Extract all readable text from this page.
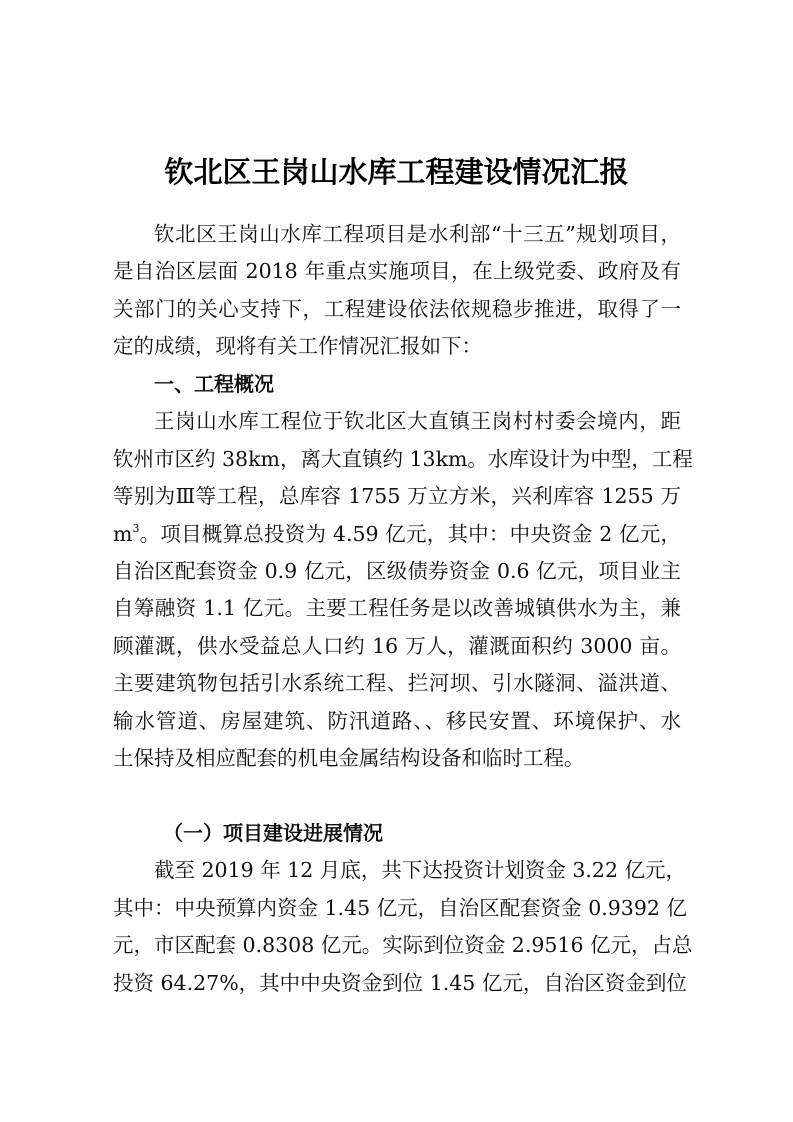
钦北区王岗山水库工程建设情况汇报
钦北区王岗山水库工程项目是水利部“十三五”规划项目，
是自治区层面 2018 年重点实施项目，在上级党委、政府及有
关部门的关心支持下，工程建设依法依规稳步推进，取得了一
定的成绩，现将有关工作情况汇报如下：
一、工程概况
王岗山水库工程位于钦北区大直镇王岗村村委会境内，距
钦州市区约 38km，离大直镇约 13km。水库设计为中型，工程
等别为Ⅲ等工程，总库容 1755 万立方米，兴利库容 1255 万
$m^3$。项目概算总投资为 4.59 亿元，其中：中央资金 2 亿元，
自治区配套资金 0.9 亿元，区级债券资金 0.6 亿元，项目业主
自筹融资 1.1 亿元。主要工程任务是以改善城镇供水为主，兼
顾灌溉，供水受益总人口约 16 万人，灌溉面积约 3000 亩。
主要建筑物包括引水系统工程、拦河坝、引水隧洞、溢洪道、
输水管道、房屋建筑、防汛道路、、移民安置、环境保护、水
土保持及相应配套的机电金属结构设备和临时工程。
（一）项目建设进展情况
截至 2019 年 12 月底，共下达投资计划资金 3.22 亿元，
其中：中央预算内资金 1.45 亿元，自治区配套资金 0.9392 亿
元，市区配套 0.8308 亿元。实际到位资金 2.9516 亿元，占总
投资 64.27%，其中中央资金到位 1.45 亿元，自治区资金到位
